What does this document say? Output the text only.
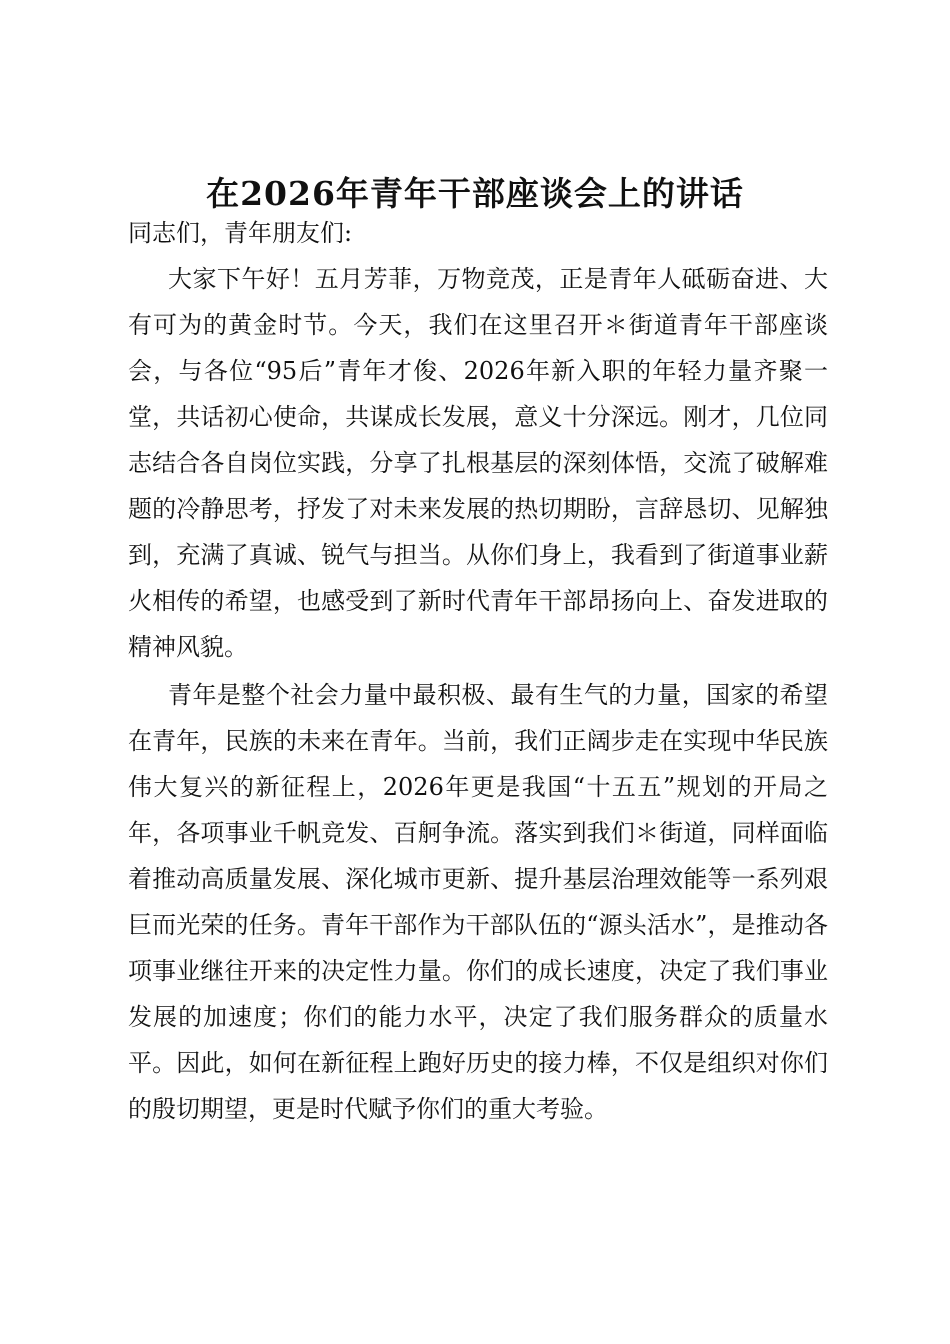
在2026年青年干部座谈会上的讲话

同志们，青年朋友们:

大家下午好！五月芳菲，万物竞茂，正是青年人砥砺奋进、大有可为的黄金时节。今天，我们在这里召开＊街道青年干部座谈会，与各位“95后”青年才俊、2026年新入职的年轻力量齐聚一堂，共话初心使命，共谋成长发展，意义十分深远。刚才，几位同志结合各自岗位实践，分享了扎根基层的深刻体悟，交流了破解难题的冷静思考，抒发了对未来发展的热切期盼，言辞恳切、见解独到，充满了真诚、锐气与担当。从你们身上，我看到了街道事业薪火相传的希望，也感受到了新时代青年干部昂扬向上、奋发进取的精神风貌。

青年是整个社会力量中最积极、最有生气的力量，国家的希望在青年，民族的未来在青年。当前，我们正阔步走在实现中华民族伟大复兴的新征程上，2026年更是我国“十五五”规划的开局之年，各项事业千帆竞发、百舸争流。落实到我们＊街道，同样面临着推动高质量发展、深化城市更新、提升基层治理效能等一系列艰巨而光荣的任务。青年干部作为干部队伍的“源头活水”，是推动各项事业继往开来的决定性力量。你们的成长速度，决定了我们事业发展的加速度；你们的能力水平，决定了我们服务群众的质量水平。因此，如何在新征程上跑好历史的接力棒，不仅是组织对你们的殷切期望，更是时代赋予你们的重大考验。
